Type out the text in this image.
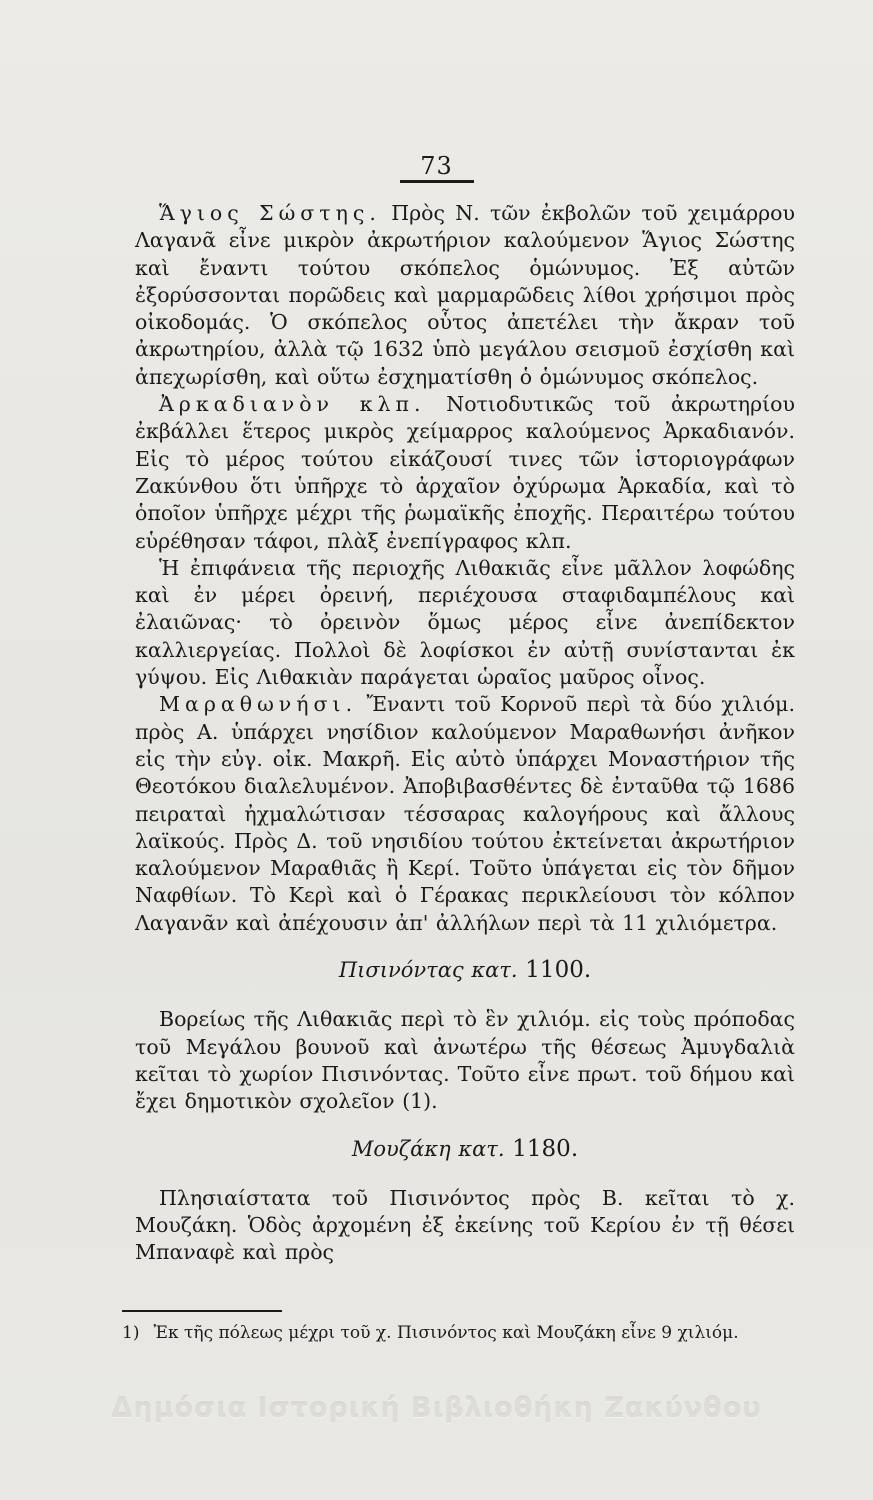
73

Ἅγιος Σώστης. Πρὸς Ν. τῶν ἐκβολῶν τοῦ χειμάρρου Λαγανᾶ εἶνε μικρὸν ἀκρωτήριον καλούμενον Ἅγιος Σώστης καὶ ἔναντι τούτου σκόπελος ὁμώνυμος. Ἐξ αὐτῶν ἐξορύσσονται πορῶδεις καὶ μαρμαρῶδεις λίθοι χρήσιμοι πρὸς οἰκοδομάς. Ὁ σκόπελος οὗτος ἀπετέλει τὴν ἄκραν τοῦ ἀκρωτηρίου, ἀλλὰ τῷ 1632 ὑπὸ μεγάλου σεισμοῦ ἐσχίσθη καὶ ἀπεχωρίσθη, καὶ οὕτω ἐσχηματίσθη ὁ ὁμώνυμος σκόπελος.

Ἀρκαδιανὸν κλπ. Νοτιοδυτικῶς τοῦ ἀκρωτηρίου ἐκβάλλει ἕτερος μικρὸς χείμαρρος καλούμενος Ἀρκαδιανόν. Εἰς τὸ μέρος τούτου εἰκάζουσί τινες τῶν ἱστοριογράφων Ζακύνθου ὅτι ὑπῆρχε τὸ ἀρχαῖον ὀχύρωμα Ἀρκαδία, καὶ τὸ ὁποῖον ὑπῆρχε μέχρι τῆς ῥωμαϊκῆς ἐποχῆς. Περαιτέρω τούτου εὑρέθησαν τάφοι, πλὰξ ἐνεπίγραφος κλπ.

Ἡ ἐπιφάνεια τῆς περιοχῆς Λιθακιᾶς εἶνε μᾶλλον λοφώδης καὶ ἐν μέρει ὀρεινή, περιέχουσα σταφιδαμπέλους καὶ ἐλαιῶνας· τὸ ὀρεινὸν ὅμως μέρος εἶνε ἀνεπίδεκτον καλλιεργείας. Πολλοὶ δὲ λοφίσκοι ἐν αὐτῇ συνίστανται ἐκ γύψου. Εἰς Λιθακιὰν παράγεται ὡραῖος μαῦρος οἶνος.

Μαραθωνήσι. Ἔναντι τοῦ Κορνοῦ περὶ τὰ δύο χιλιόμ. πρὸς Α. ὑπάρχει νησίδιον καλούμενον Μαραθωνήσι ἀνῆκον εἰς τὴν εὐγ. οἰκ. Μακρῆ. Εἰς αὐτὸ ὑπάρχει Μοναστήριον τῆς Θεοτόκου διαλελυμένον. Ἀποβιβασθέντες δὲ ἐνταῦθα τῷ 1686 πειραταὶ ἠχμαλώτισαν τέσσαρας καλογήρους καὶ ἄλλους λαϊκούς. Πρὸς Δ. τοῦ νησιδίου τούτου ἐκτείνεται ἀκρωτήριον καλούμενον Μαραθιᾶς ἢ Κερί. Τοῦτο ὑπάγεται εἰς τὸν δῆμον Ναφθίων. Τὸ Κερὶ καὶ ὁ Γέρακας περικλείουσι τὸν κόλπον Λαγανᾶν καὶ ἀπέχουσιν ἀπ' ἀλλήλων περὶ τὰ 11 χιλιόμετρα.

Πισινόντας κατ. 1100.

Βορείως τῆς Λιθακιᾶς περὶ τὸ ἓν χιλιόμ. εἰς τοὺς πρόποδας τοῦ Μεγάλου βουνοῦ καὶ ἀνωτέρω τῆς θέσεως Ἀμυγδαλιὰ κεῖται τὸ χωρίον Πισινόντας. Τοῦτο εἶνε πρωτ. τοῦ δήμου καὶ ἔχει δημοτικὸν σχολεῖον (1).

Μουζάκη κατ. 1180.

Πλησιαίστατα τοῦ Πισινόντος πρὸς Β. κεῖται τὸ χ. Μουζάκη. Ὁδὸς ἀρχομένη ἐξ ἐκείνης τοῦ Κερίου ἐν τῇ θέσει Μπαναφὲ καὶ πρὸς

1) Ἐκ τῆς πόλεως μέχρι τοῦ χ. Πισινόντος καὶ Μουζάκη εἶνε 9 χιλιόμ.
Δημόσια Ιστορική Βιβλιοθήκη Ζακύνθου
